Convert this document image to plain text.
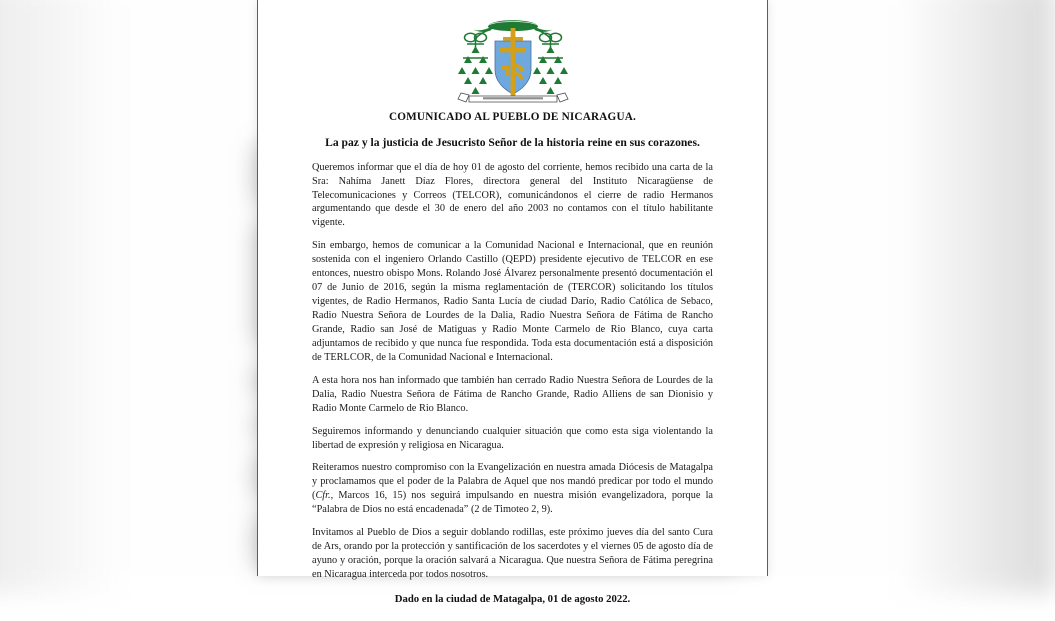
COMUNICADO AL PUEBLO DE NICARAGUA.
La paz y la justicia de Jesucristo Señor de la historia reine en sus corazones.

Queremos informar que el día de hoy 01 de agosto del corriente, hemos recibido una carta de la Sra: Nahíma Janett Díaz Flores, directora general del Instituto Nicaragüense de Telecomunicaciones y Correos (TELCOR), comunicándonos el cierre de radio Hermanos argumentando que desde el 30 de enero del año 2003 no contamos con el título habilitante vigente.

Sin embargo, hemos de comunicar a la Comunidad Nacional e Internacional, que en reunión sostenida con el ingeniero Orlando Castillo (QEPD) presidente ejecutivo de TELCOR en ese entonces, nuestro obispo Mons. Rolando José Álvarez personalmente presentó documentación el 07 de Junio de 2016, según la misma reglamentación de (TERCOR) solicitando los títulos vigentes, de Radio Hermanos, Radio Santa Lucía de ciudad Darío, Radio Católica de Sebaco, Radio Nuestra Señora de Lourdes de la Dalia, Radio Nuestra Señora de Fátima de Rancho Grande, Radio san José de Matiguas y Radio Monte Carmelo de Rio Blanco, cuya carta adjuntamos de recibido y que nunca fue respondida. Toda esta documentación está a disposición de TERLCOR, de la Comunidad Nacional e Internacional.

A esta hora nos han informado que también han cerrado Radio Nuestra Señora de Lourdes de la Dalia, Radio Nuestra Señora de Fátima de Rancho Grande, Radio Alliens de san Dionisio y Radio Monte Carmelo de Rio Blanco.

Seguiremos informando y denunciando cualquier situación que como esta siga violentando la libertad de expresión y religiosa en Nicaragua.

Reiteramos nuestro compromiso con la Evangelización en nuestra amada Diócesis de Matagalpa y proclamamos que el poder de la Palabra de Aquel que nos mandó predicar por todo el mundo (Cfr., Marcos 16, 15) nos seguirá impulsando en nuestra misión evangelizadora, porque la “Palabra de Dios no está encadenada” (2 de Timoteo 2, 9).

Invitamos al Pueblo de Dios a seguir doblando rodillas, este próximo jueves día del santo Cura de Ars, orando por la protección y santificación de los sacerdotes y el viernes 05 de agosto día de ayuno y oración, porque la oración salvará a Nicaragua. Que nuestra Señora de Fátima peregrina en Nicaragua interceda por todos nosotros.

Dado en la ciudad de Matagalpa, 01 de agosto 2022.
